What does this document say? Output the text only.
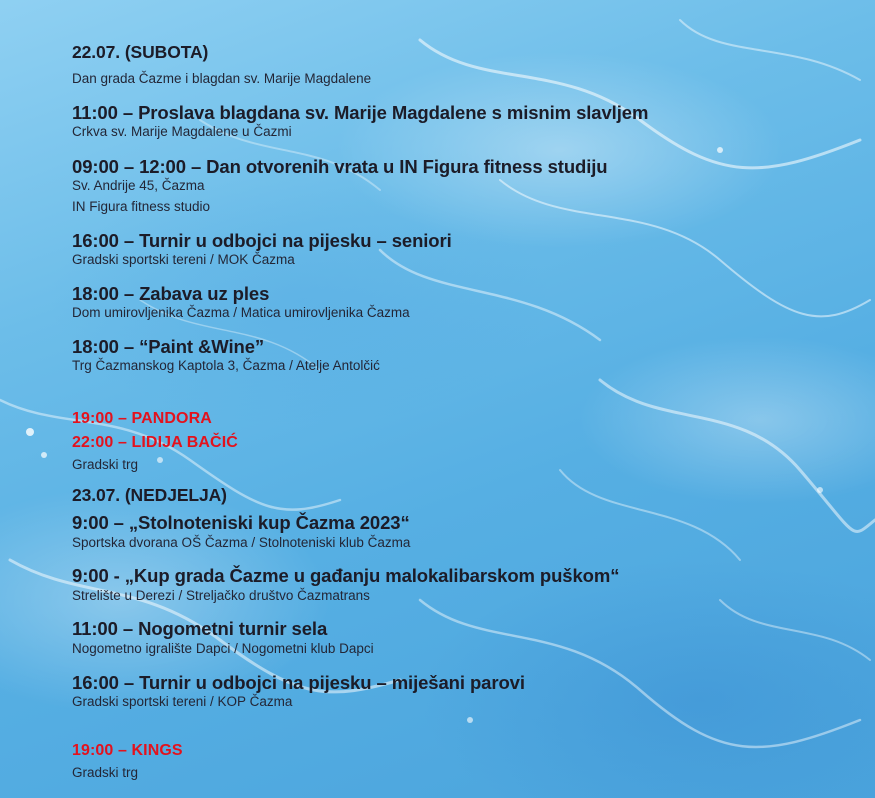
22.07. (SUBOTA)
Dan grada Čazme i blagdan sv. Marije Magdalene
11:00 – Proslava blagdana sv. Marije Magdalene s misnim slavljem
Crkva sv. Marije Magdalene u Čazmi
09:00 – 12:00 – Dan otvorenih vrata u IN Figura fitness studiju
Sv. Andrije 45, Čazma
IN Figura fitness studio
16:00 – Turnir u odbojci na pijesku – seniori
Gradski sportski tereni / MOK Čazma
18:00 – Zabava uz ples
Dom umirovljenika Čazma / Matica umirovljenika Čazma
18:00 – “Paint &Wine”
Trg Čazmanskog Kaptola 3, Čazma / Atelje Antolčić
19:00 – PANDORA
22:00 – LIDIJA BAČIĆ
Gradski trg
23.07. (NEDJELJA)
9:00 – „Stolnoteniski kup Čazma 2023“
Sportska dvorana OŠ Čazma / Stolnoteniski klub Čazma
9:00 - „Kup grada Čazme u gađanju malokalibarskom puškom“
Strelište u Derezi / Streljačko društvo Čazmatrans
11:00 – Nogometni turnir sela
Nogometno igralište Dapci / Nogometni klub Dapci
16:00 – Turnir u odbojci na pijesku – miješani parovi
Gradski sportski tereni / KOP Čazma
19:00 – KINGS
Gradski trg
